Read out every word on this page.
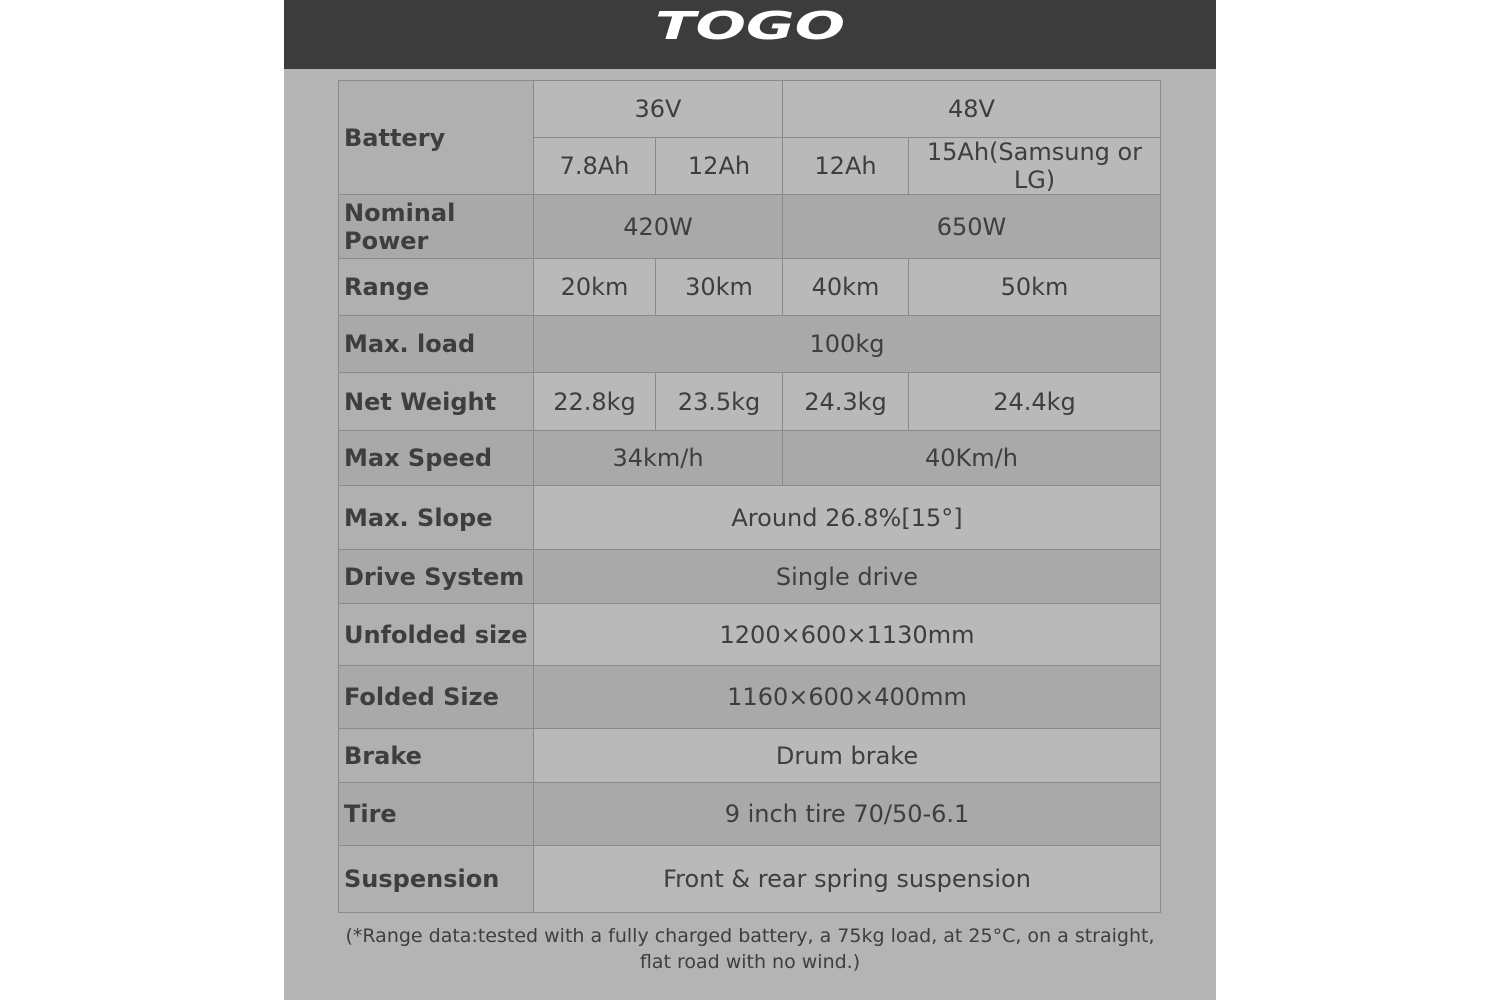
TOGO
Battery	36V		48V	
	7.8Ah	12Ah	12Ah	15Ah(Samsung or LG)
Nominal Power	420W		650W	
Range	20km	30km	40km	50km
Max. load	100kg			
Net Weight	22.8kg	23.5kg	24.3kg	24.4kg
Max Speed	34km/h		40Km/h	
Max. Slope	Around 26.8%[15°]			
Drive System	Single drive			
Unfolded size	1200×600×1130mm			
Folded Size	1160×600×400mm			
Brake	Drum brake			
Tire	9 inch tire 70/50-6.1			
Suspension	Front & rear spring suspension			
(*Range data:tested with a fully charged battery, a 75kg load, at 25°C, on a straight,
flat road with no wind.)
